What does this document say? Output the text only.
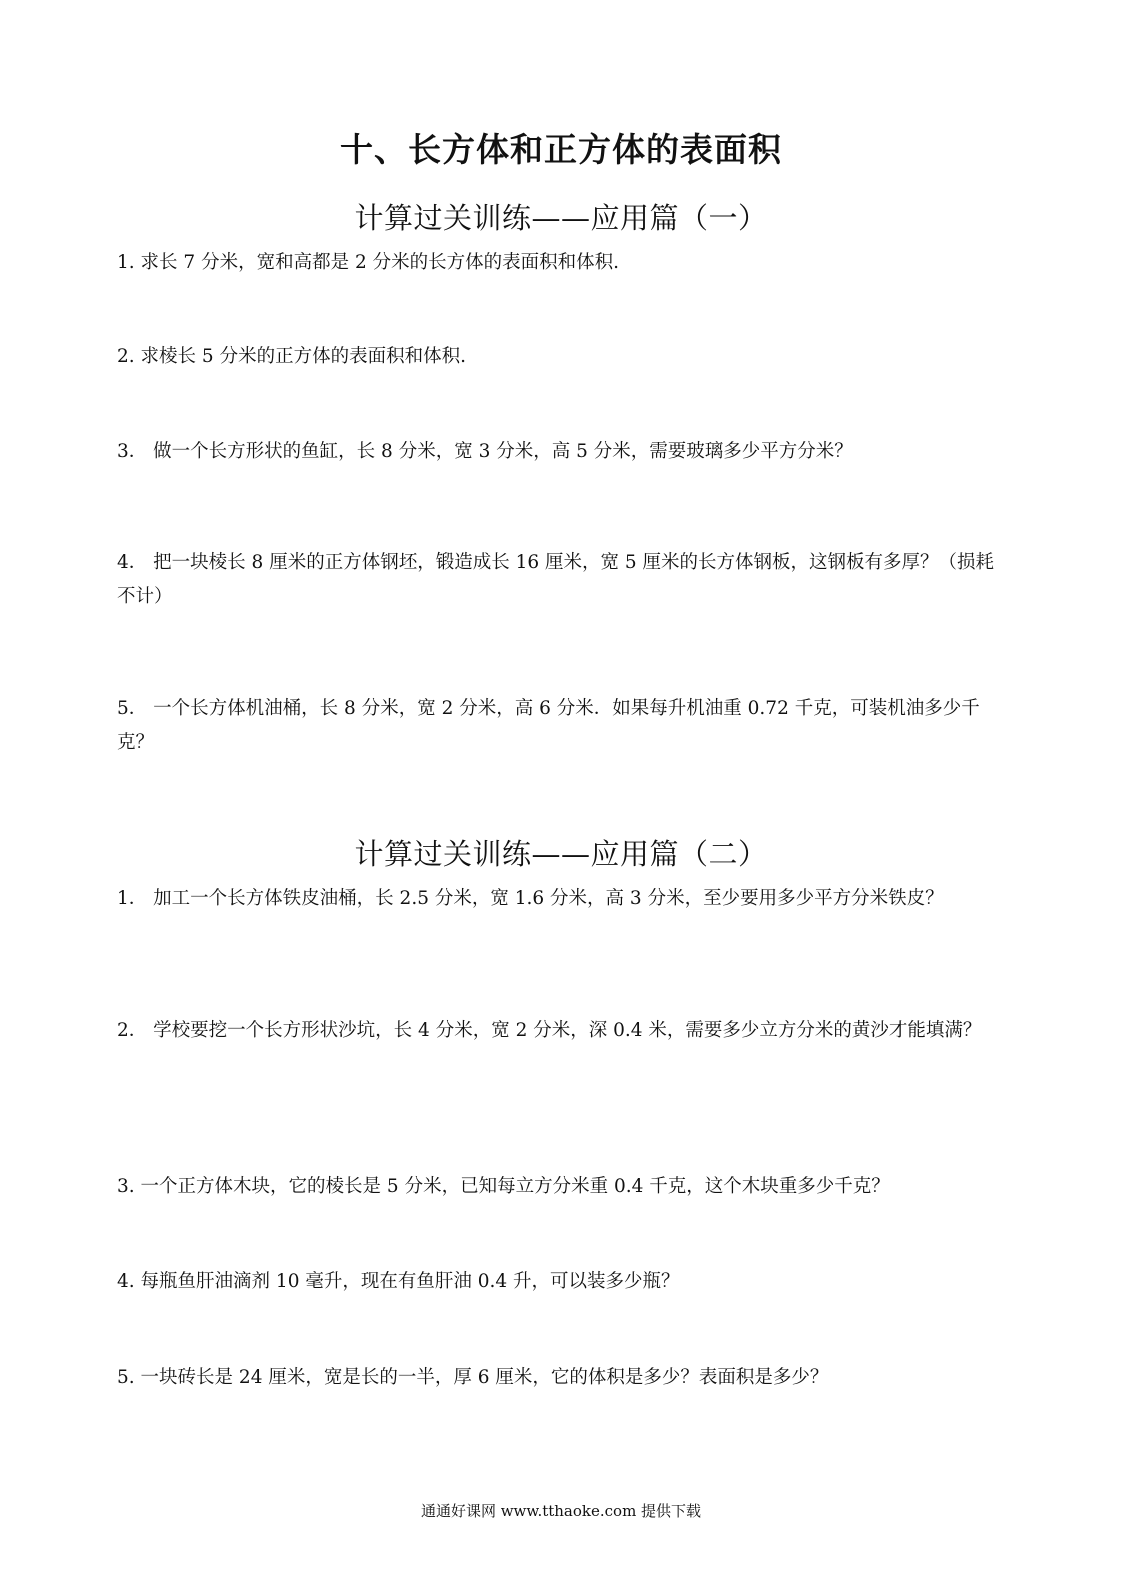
十、长方体和正方体的表面积
计算过关训练——应用篇（一）

1. 求长 7 分米，宽和高都是 2 分米的长方体的表面积和体积.

2. 求棱长 5 分米的正方体的表面积和体积.

3． 做一个长方形状的鱼缸，长 8 分米，宽 3 分米，高 5 分米，需要玻璃多少平方分米？

4． 把一块棱长 8 厘米的正方体钢坯，锻造成长 16 厘米，宽 5 厘米的长方体钢板，这钢板有多厚？（损耗不计）

5． 一个长方体机油桶，长 8 分米，宽 2 分米，高 6 分米．如果每升机油重 0.72 千克，可装机油多少千克？

计算过关训练——应用篇（二）

1． 加工一个长方体铁皮油桶，长 2.5 分米，宽 1.6 分米，高 3 分米，至少要用多少平方分米铁皮？

2． 学校要挖一个长方形状沙坑，长 4 分米，宽 2 分米，深 0.4 米，需要多少立方分米的黄沙才能填满？

3. 一个正方体木块，它的棱长是 5 分米，已知每立方分米重 0.4 千克，这个木块重多少千克？

4. 每瓶鱼肝油滴剂 10 毫升，现在有鱼肝油 0.4 升，可以装多少瓶？

5. 一块砖长是 24 厘米，宽是长的一半，厚 6 厘米，它的体积是多少？表面积是多少？

通通好课网 www.tthaoke.com 提供下载
